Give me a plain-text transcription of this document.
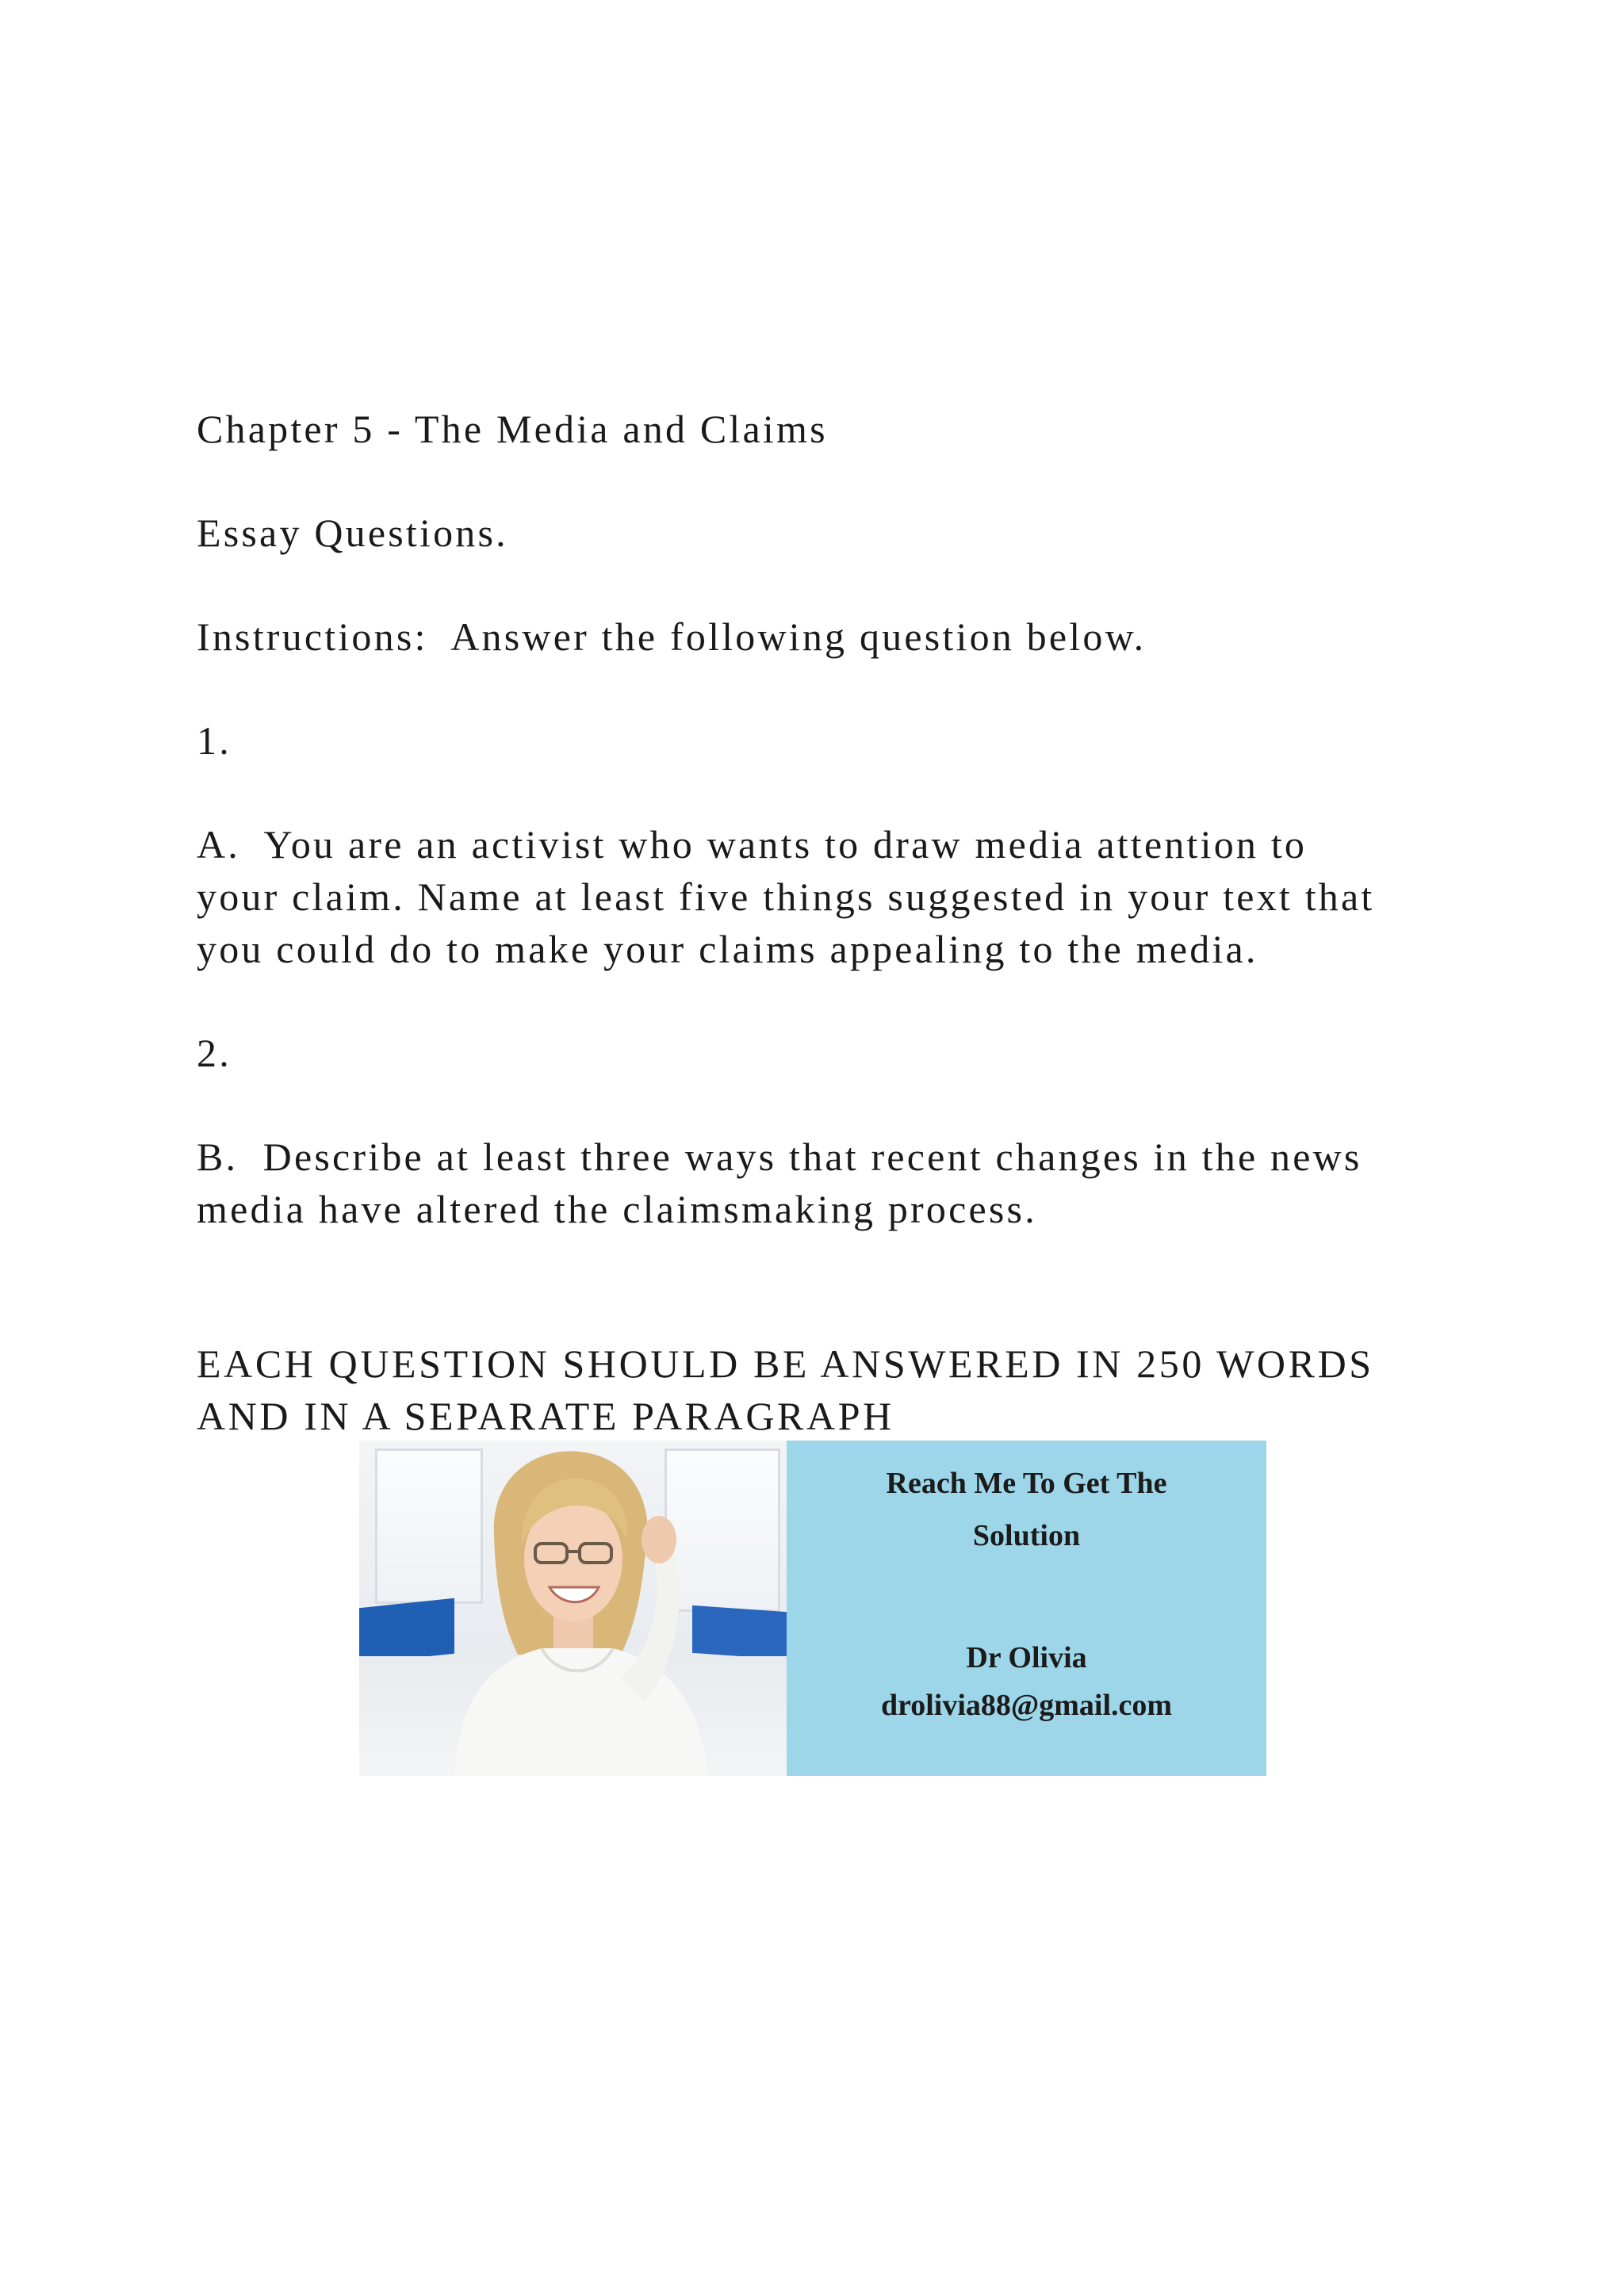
Chapter 5 - The Media and Claims

Essay Questions.

Instructions:  Answer the following question below.

1.

A.  You are an activist who wants to draw media attention to

your claim. Name at least five things suggested in your text that

you could do to make your claims appealing to the media.

2.

B.  Describe at least three ways that recent changes in the news

media have altered the claimsmaking process.

EACH QUESTION SHOULD BE ANSWERED IN 250 WORDS

AND IN A SEPARATE PARAGRAPH

Reach Me To Get The

Solution

Dr Olivia

drolivia88@gmail.com
